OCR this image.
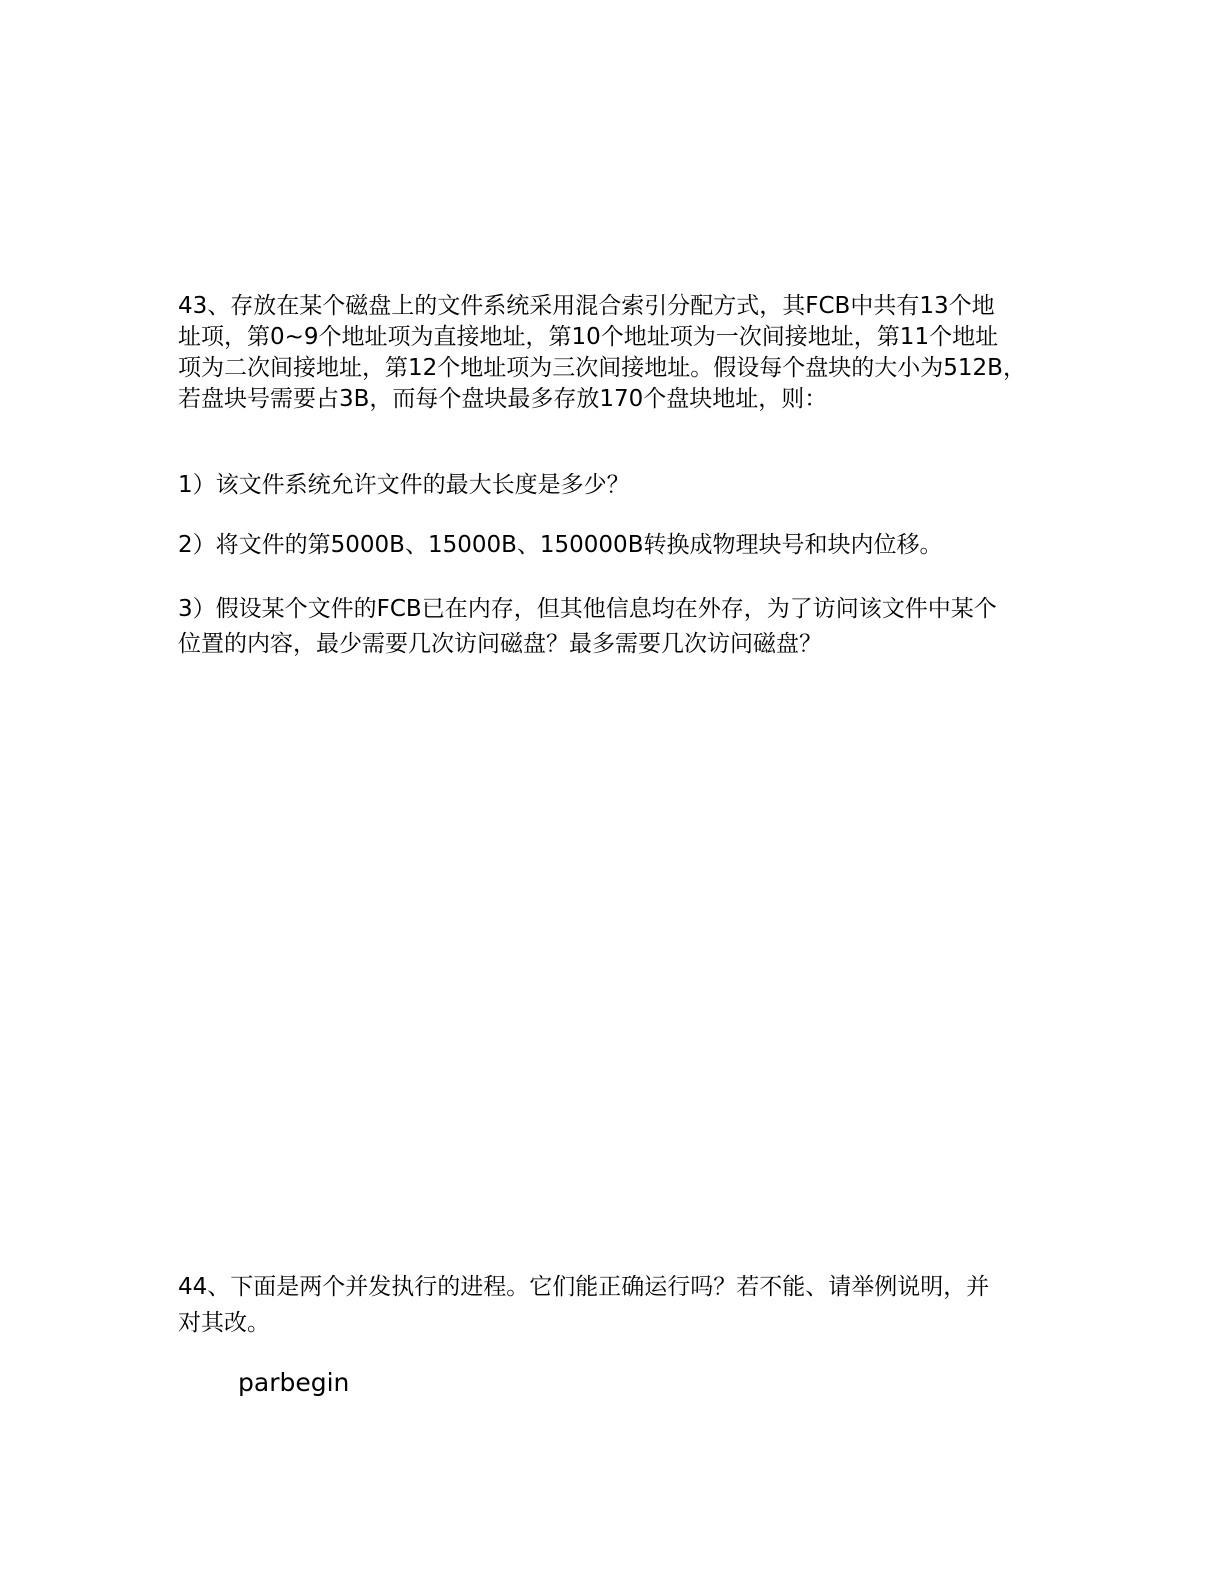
43、存放在某个磁盘上的文件系统采用混合索引分配方式，其FCB中共有13个地
址项，第0~9个地址项为直接地址，第10个地址项为一次间接地址，第11个地址
项为二次间接地址，第12个地址项为三次间接地址。假设每个盘块的大小为512B，
若盘块号需要占3B，而每个盘块最多存放170个盘块地址，则：
1）该文件系统允许文件的最大长度是多少？
2）将文件的第5000B、15000B、150000B转换成物理块号和块内位移。
3）假设某个文件的FCB已在内存，但其他信息均在外存，为了访问该文件中某个
位置的内容，最少需要几次访问磁盘？最多需要几次访问磁盘？
44、下面是两个并发执行的进程。它们能正确运行吗？若不能、请举例说明，并
对其改。
parbegin
